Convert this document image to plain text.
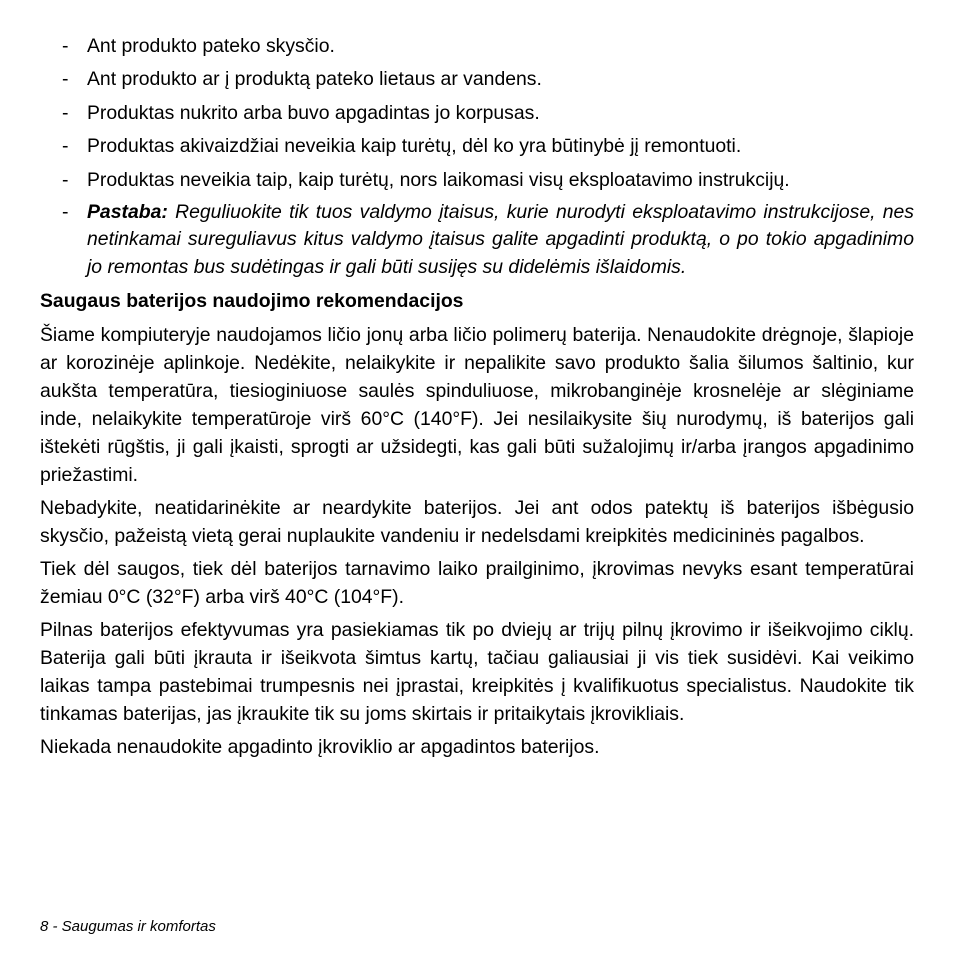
- Ant produkto pateko skysčio.
- Ant produkto ar į produktą pateko lietaus ar vandens.
- Produktas nukrito arba buvo apgadintas jo korpusas.
- Produktas akivaizdžiai neveikia kaip turėtų, dėl ko yra būtinybė jį remontuoti.
- Produktas neveikia taip, kaip turėtų, nors laikomasi visų eksploatavimo instrukcijų.
- Pastaba: Reguliuokite tik tuos valdymo įtaisus, kurie nurodyti eksploatavimo instrukcijose, nes netinkamai sureguliavus kitus valdymo įtaisus galite apgadinti produktą, o po tokio apgadinimo jo remontas bus sudėtingas ir gali būti susijęs su didelėmis išlaidomis.
Saugaus baterijos naudojimo rekomendacijos

Šiame kompiuteryje naudojamos ličio jonų arba ličio polimerų baterija. Nenaudokite drėgnoje, šlapioje ar korozinėje aplinkoje. Nedėkite, nelaikykite ir nepalikite savo produkto šalia šilumos šaltinio, kur aukšta temperatūra, tiesioginiuose saulės spinduliuose, mikrobanginėje krosnelėje ar slėginiame inde, nelaikykite temperatūroje virš 60°C (140°F). Jei nesilaikysite šių nurodymų, iš baterijos gali ištekėti rūgštis, ji gali įkaisti, sprogti ar užsidegti, kas gali būti sužalojimų ir/arba įrangos apgadinimo priežastimi.

Nebadykite, neatidarinėkite ar neardykite baterijos. Jei ant odos patektų iš baterijos išbėgusio skysčio, pažeistą vietą gerai nuplaukite vandeniu ir nedelsdami kreipkitės medicininės pagalbos.

Tiek dėl saugos, tiek dėl baterijos tarnavimo laiko prailginimo, įkrovimas nevyks esant temperatūrai žemiau 0°C (32°F) arba virš 40°C (104°F).

Pilnas baterijos efektyvumas yra pasiekiamas tik po dviejų ar trijų pilnų įkrovimo ir išeikvojimo ciklų. Baterija gali būti įkrauta ir išeikvota šimtus kartų, tačiau galiausiai ji vis tiek susidėvi. Kai veikimo laikas tampa pastebimai trumpesnis nei įprastai, kreipkitės į kvalifikuotus specialistus. Naudokite tik tinkamas baterijas, jas įkraukite tik su joms skirtais ir pritaikytais įkrovikliais.

Niekada nenaudokite apgadinto įkroviklio ar apgadintos baterijos.

8 - Saugumas ir komfortas
